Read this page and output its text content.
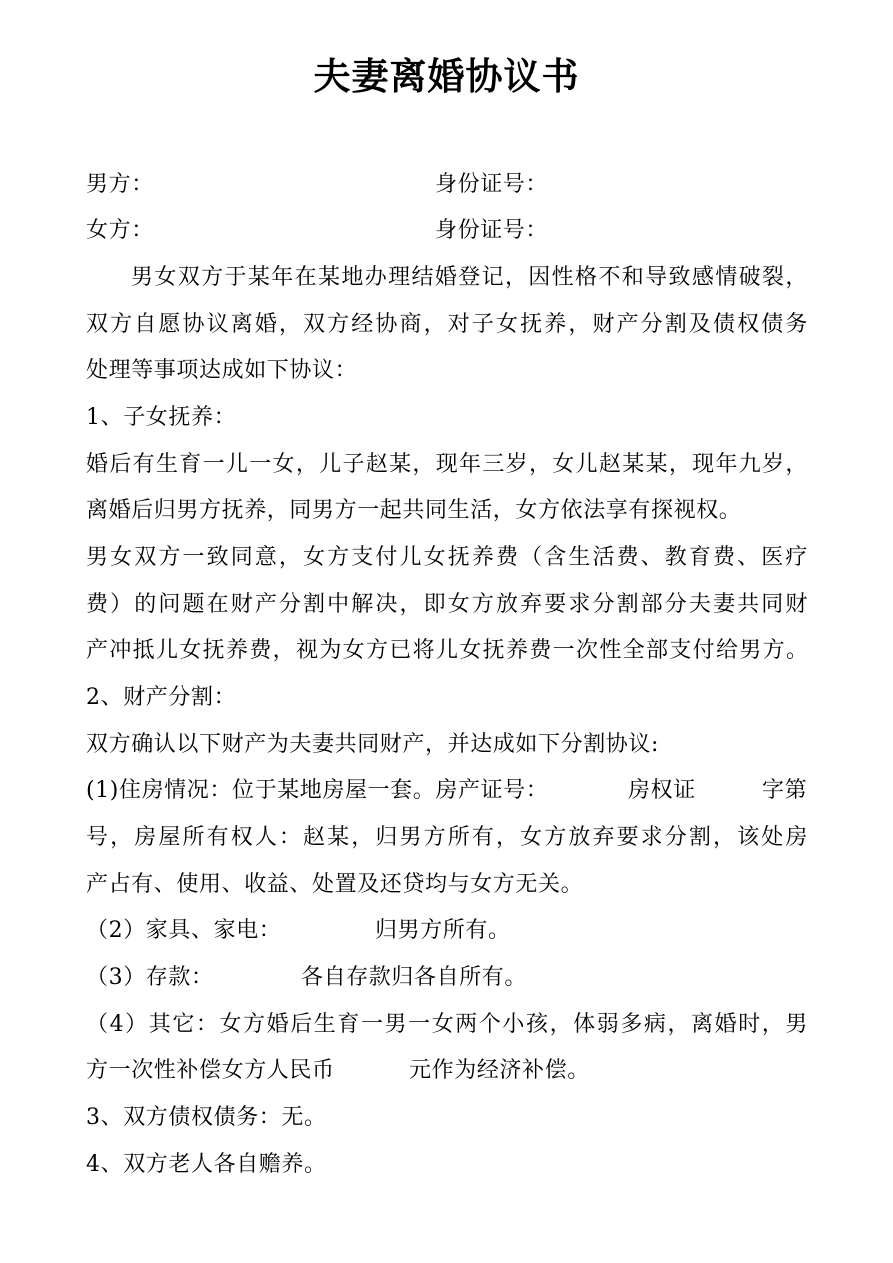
夫妻离婚协议书
男方：	身份证号：
女方：	身份证号：
男女双方于某年在某地办理结婚登记，因性格不和导致感情破裂，
双方自愿协议离婚，双方经协商，对子女抚养，财产分割及债权债务
处理等事项达成如下协议：
1、子女抚养：
婚后有生育一儿一女，儿子赵某，现年三岁，女儿赵某某，现年九岁，
离婚后归男方抚养，同男方一起共同生活，女方依法享有探视权。
男女双方一致同意，女方支付儿女抚养费（含生活费、教育费、医疗
费）的问题在财产分割中解决，即女方放弃要求分割部分夫妻共同财
产冲抵儿女抚养费，视为女方已将儿女抚养费一次性全部支付给男方。
2、财产分割：
双方确认以下财产为夫妻共同财产，并达成如下分割协议:
(1)住房情况：位于某地房屋一套。房产证号：	房权证	字第
号，房屋所有权人：赵某，归男方所有，女方放弃要求分割，该处房
产占有、使用、收益、处置及还贷均与女方无关。
（2）家具、家电：	归男方所有。
（3）存款：	各自存款归各自所有。
（4）其它：女方婚后生育一男一女两个小孩，体弱多病，离婚时，男
方一次性补偿女方人民币	元作为经济补偿。
3、双方债权债务：无。
4、双方老人各自赡养。
